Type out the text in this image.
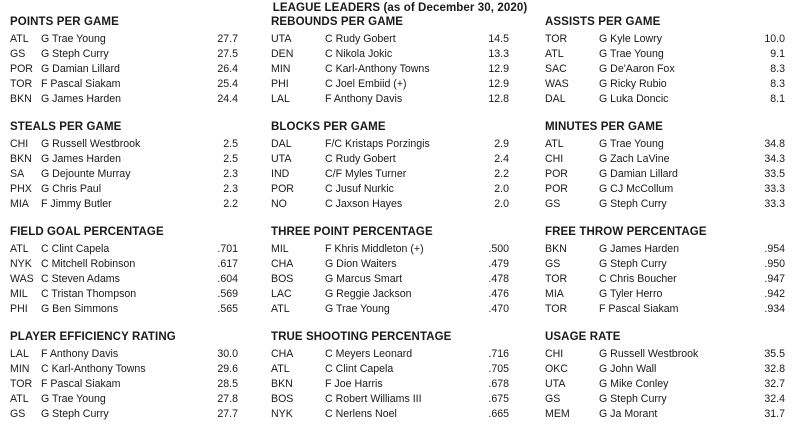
LEAGUE LEADERS (as of December 30, 2020)
POINTS PER GAME
ATL G Trae Young	27.7
GS G Steph Curry	27.5
POR G Damian Lillard	26.4
TOR F Pascal Siakam	25.4
BKN G James Harden	24.4
REBOUNDS PER GAME
UTA	C Rudy Gobert	14.5
DEN	C Nikola Jokic	13.3
MIN	C Karl-Anthony Towns	12.9
PHI	C Joel Embiid (+)	12.9
LAL	F Anthony Davis	12.8
ASSISTS PER GAME
TOR	G Kyle Lowry	10.0
ATL	G Trae Young	9.1
SAC	G De'Aaron Fox	8.3
WAS	G Ricky Rubio	8.3
DAL	G Luka Doncic	8.1
STEALS PER GAME
CHI G Russell Westbrook	2.5
BKN G James Harden	2.5
SA G Dejounte Murray	2.3
PHX G Chris Paul	2.3
MIA F Jimmy Butler	2.2
BLOCKS PER GAME
DAL	F/C Kristaps Porzingis	2.9
UTA	C Rudy Gobert	2.4
IND	C/F Myles Turner	2.2
POR	C Jusuf Nurkic	2.0
NO	C Jaxson Hayes	2.0
MINUTES PER GAME
ATL	G Trae Young	34.8
CHI	G Zach LaVine	34.3
POR	G Damian Lillard	33.5
POR	G CJ McCollum	33.3
GS	G Steph Curry	33.3
FIELD GOAL PERCENTAGE
ATL C Clint Capela	.701
NYK C Mitchell Robinson	.617
WAS C Steven Adams	.604
MIL C Tristan Thompson	.569
PHI G Ben Simmons	.565
THREE POINT PERCENTAGE
MIL	F Khris Middleton (+)	.500
CHA	G Dion Waiters	.479
BOS	G Marcus Smart	.478
LAC	G Reggie Jackson	.476
ATL	G Trae Young	.470
FREE THROW PERCENTAGE
BKN	G James Harden	.954
GS	G Steph Curry	.950
TOR	C Chris Boucher	.947
MIA	G Tyler Herro	.942
TOR	F Pascal Siakam	.934
PLAYER EFFICIENCY RATING
LAL F Anthony Davis	30.0
MIN C Karl-Anthony Towns	29.6
TOR F Pascal Siakam	28.5
ATL G Trae Young	27.8
GS G Steph Curry	27.7
TRUE SHOOTING PERCENTAGE
CHA	C Meyers Leonard	.716
ATL	C Clint Capela	.705
BKN	F Joe Harris	.678
BOS	C Robert Williams III	.675
NYK	C Nerlens Noel	.665
USAGE RATE
CHI	G Russell Westbrook	35.5
OKC	G John Wall	32.8
UTA	G Mike Conley	32.7
GS	G Steph Curry	32.4
MEM	G Ja Morant	31.7
